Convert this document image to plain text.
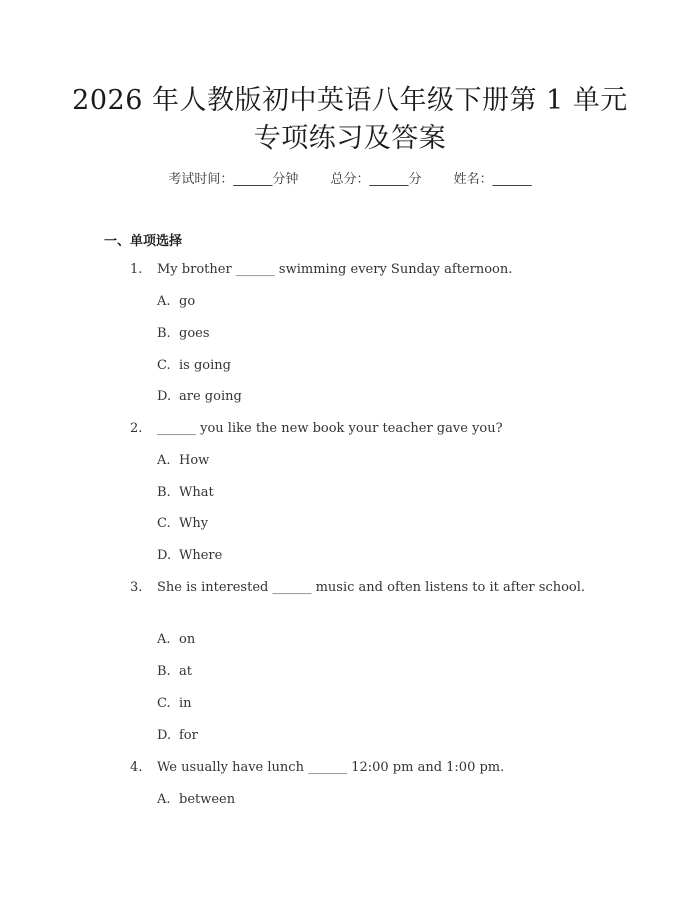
2026 年人教版初中英语八年级下册第 1 单元
专项练习及答案
考试时间：______分钟 总分：______分 姓名：______
一、单项选择
1. My brother ______ swimming every Sunday afternoon.
A. go
B. goes
C. is going
D. are going
2. ______ you like the new book your teacher gave you?
A. How
B. What
C. Why
D. Where
3. She is interested ______ music and often listens to it after school.
A. on
B. at
C. in
D. for
4. We usually have lunch ______ 12:00 pm and 1:00 pm.
A. between
